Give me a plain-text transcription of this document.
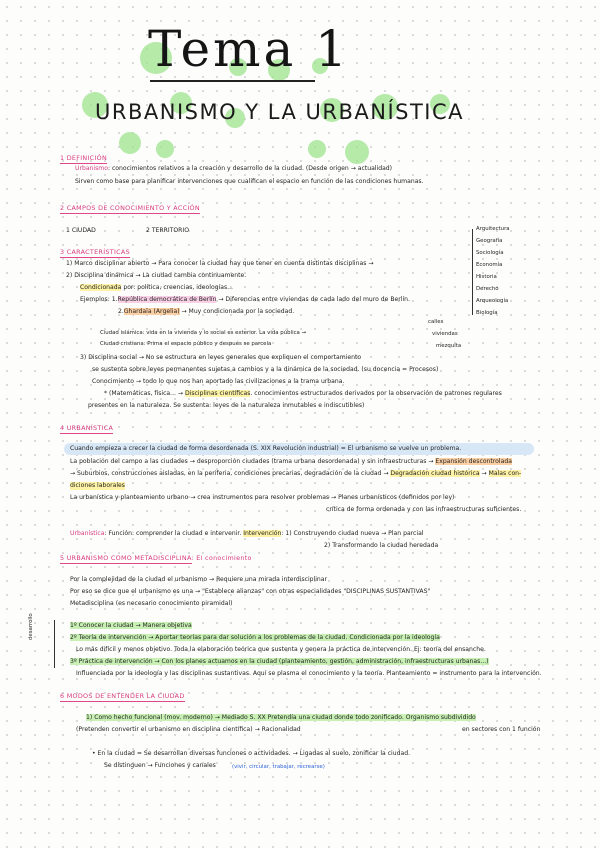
Tema 1
URBANISMO Y LA URBANÍSTICA
1 DEFINICIÓN
Urbanismo: conocimientos relativos a la creación y desarrollo de la ciudad. (Desde origen → actualidad)
Sirven como base para planificar intervenciones que cualifican el espacio en función de las condiciones humanas.
2 CAMPOS DE CONOCIMIENTO Y ACCIÓN
1 CIUDAD	2 TERRITORIO
3 CARACTERÍSTICAS
1) Marco disciplinar abierto → Para conocer la ciudad hay que tener en cuenta distintas disciplinas →
2) Disciplina dinámica → La ciudad cambia continuamente.
Condicionada por: política, creencias, ideologías...
Ejemplos: 1.República democrática de Berlín → Diferencias entre viviendas de cada lado del muro de Berlín.
2.Ghardaïa (Argelia) → Muy condicionada por la sociedad.
Ciudad islámica: vida en la vivienda y lo social es exterior. La vida pública →
Ciudad cristiana: Prima el espacio público y después se parcela
calles
viviendas
mezquita
3) Disciplina social → No se estructura en leyes generales que expliquen el comportamiento
se sustenta sobre leyes permanentes sujetas a cambios y a la dinámica de la sociedad. (su docencia = Procesos)
Conocimiento → todo lo que nos han aportado las civilizaciones a la trama urbana.
* (Matemáticas, física... → Disciplinas científicas. conocimientos estructurados derivados por la observación de patrones regulares
presentes en la naturaleza. Se sustenta: leyes de la naturaleza inmutables e indiscutibles)
Arquitectura
Geografía
Sociología
Economía
Historia
Derecho
Arqueología
Biología
4 URBANÍSTICA
Cuando empieza a crecer la ciudad de forma desordenada (S. XIX Revolución industrial) = El urbanismo se vuelve un problema.
La población del campo a las ciudades → desproporción ciudades (trama urbana desordenada) y sin infraestructuras → Expansión descontrolada
→ Suburbios, construcciones aisladas, en la periferia, condiciones precarias, degradación de la ciudad → Degradación ciudad histórica → Malas con-
diciones laborales
La urbanística y planteamiento urbano → crea instrumentos para resolver problemas → Planes urbanísticos (definidos por ley)
crítica de forma ordenada y con las infraestructuras suficientes.
Urbanística: Función: comprender la ciudad e intervenir. Intervención: 1) Construyendo ciudad nueva → Plan parcial
2) Transformando la ciudad heredada
5 URBANISMO COMO METADISCIPLINA: El conocimiento
Por la complejidad de la ciudad el urbanismo → Requiere una mirada interdisciplinar
Por eso se dice que el urbanismo es una → "Establece alianzas" con otras especialidades "DISCIPLINAS SUSTANTIVAS"
Metadisciplina (es necesario conocimiento piramidal)
desarrollo	1º Conocer la ciudad → Manera objetiva
2º Teoría de intervención → Aportar teorías para dar solución a los problemas de la ciudad. Condicionada por la ideología
Lo más difícil y menos objetivo. Toda la elaboración teórica que sustenta y genera la práctica de intervención. Ej: teoría del ensanche.
3º Práctica de intervención → Con los planes actuamos en la ciudad (planteamiento, gestión, administración, infraestructuras urbanas...)
Influenciada por la ideología y las disciplinas sustantivas. Aquí se plasma el conocimiento y la teoría. Planteamiento = instrumento para la intervención.
6 MODOS DE ENTENDER LA CIUDAD
1) Como hecho funcional (mov. moderno) → Mediado S. XX Pretendía una ciudad donde todo zonificado. Organismo subdividido
(Pretenden convertir el urbanismo en disciplina científica) → Racionalidad	en sectores con 1 función
• En la ciudad = Se desarrollan diversas funciones o actividades. → Ligadas al suelo, zonificar la ciudad.
Se distinguen → Funciones y canales	(vivir, circular, trabajar, recrearse)
